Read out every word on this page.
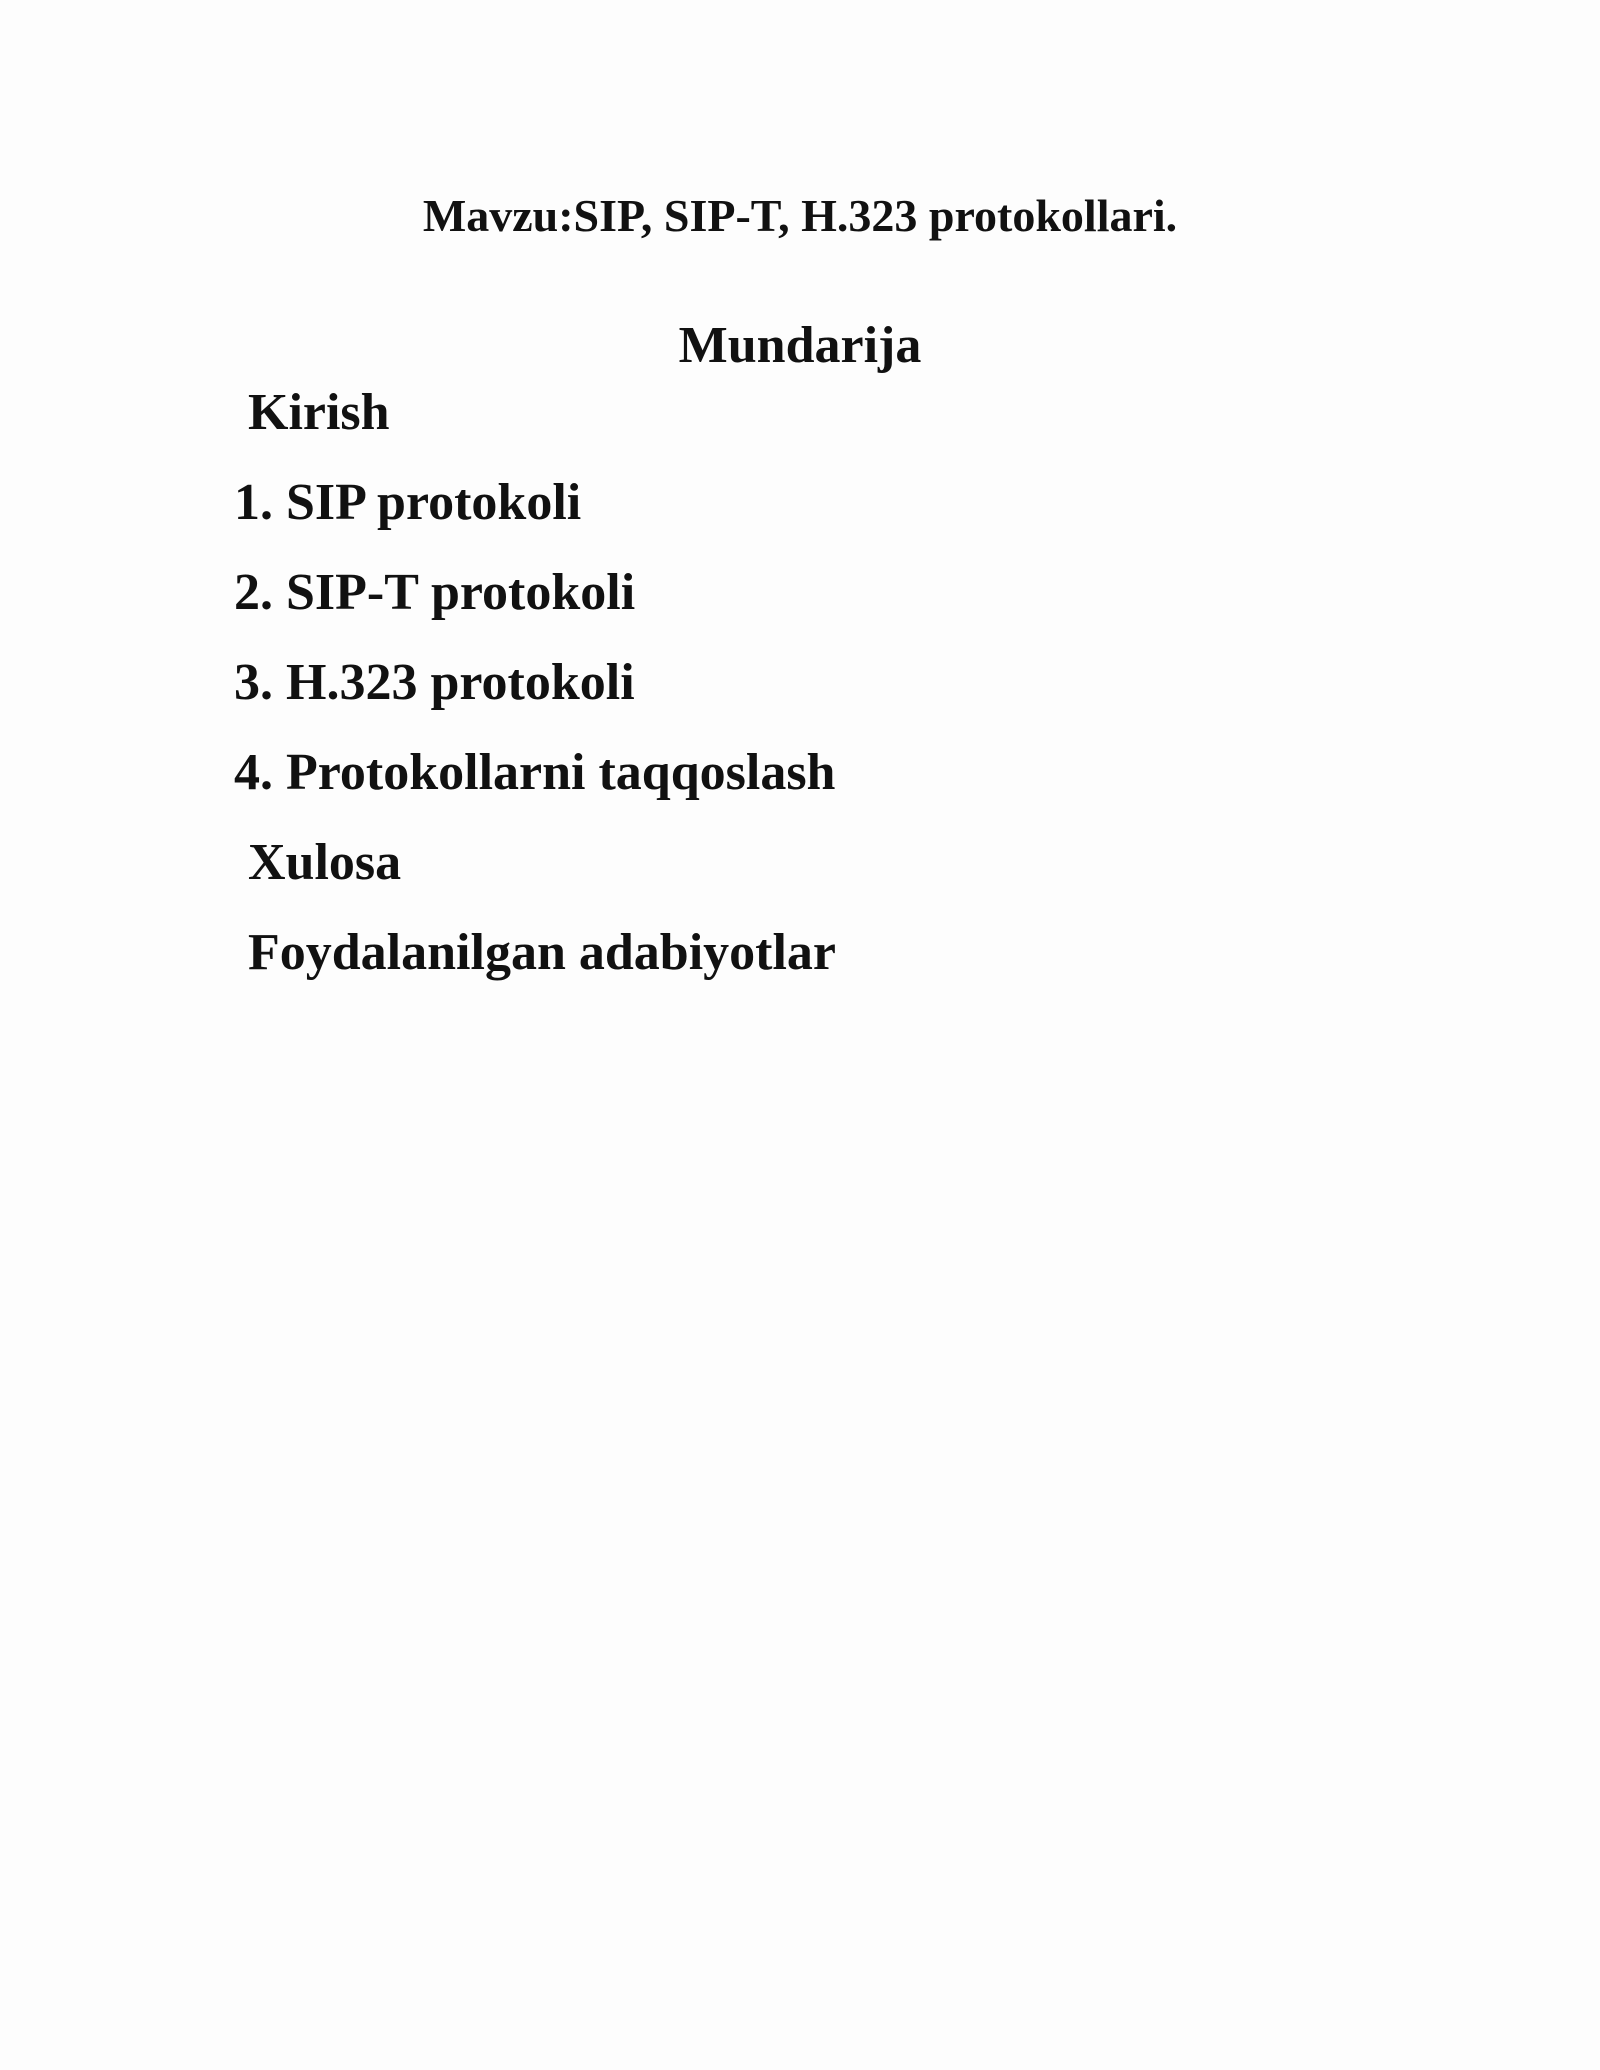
Mavzu:SIP, SIP-T, H.323 protokollari.
Mundarija
Kirish
1. SIP protokoli
2. SIP-T protokoli
3. H.323 protokoli
4. Protokollarni taqqoslash
Xulosa
Foydalanilgan adabiyotlar
